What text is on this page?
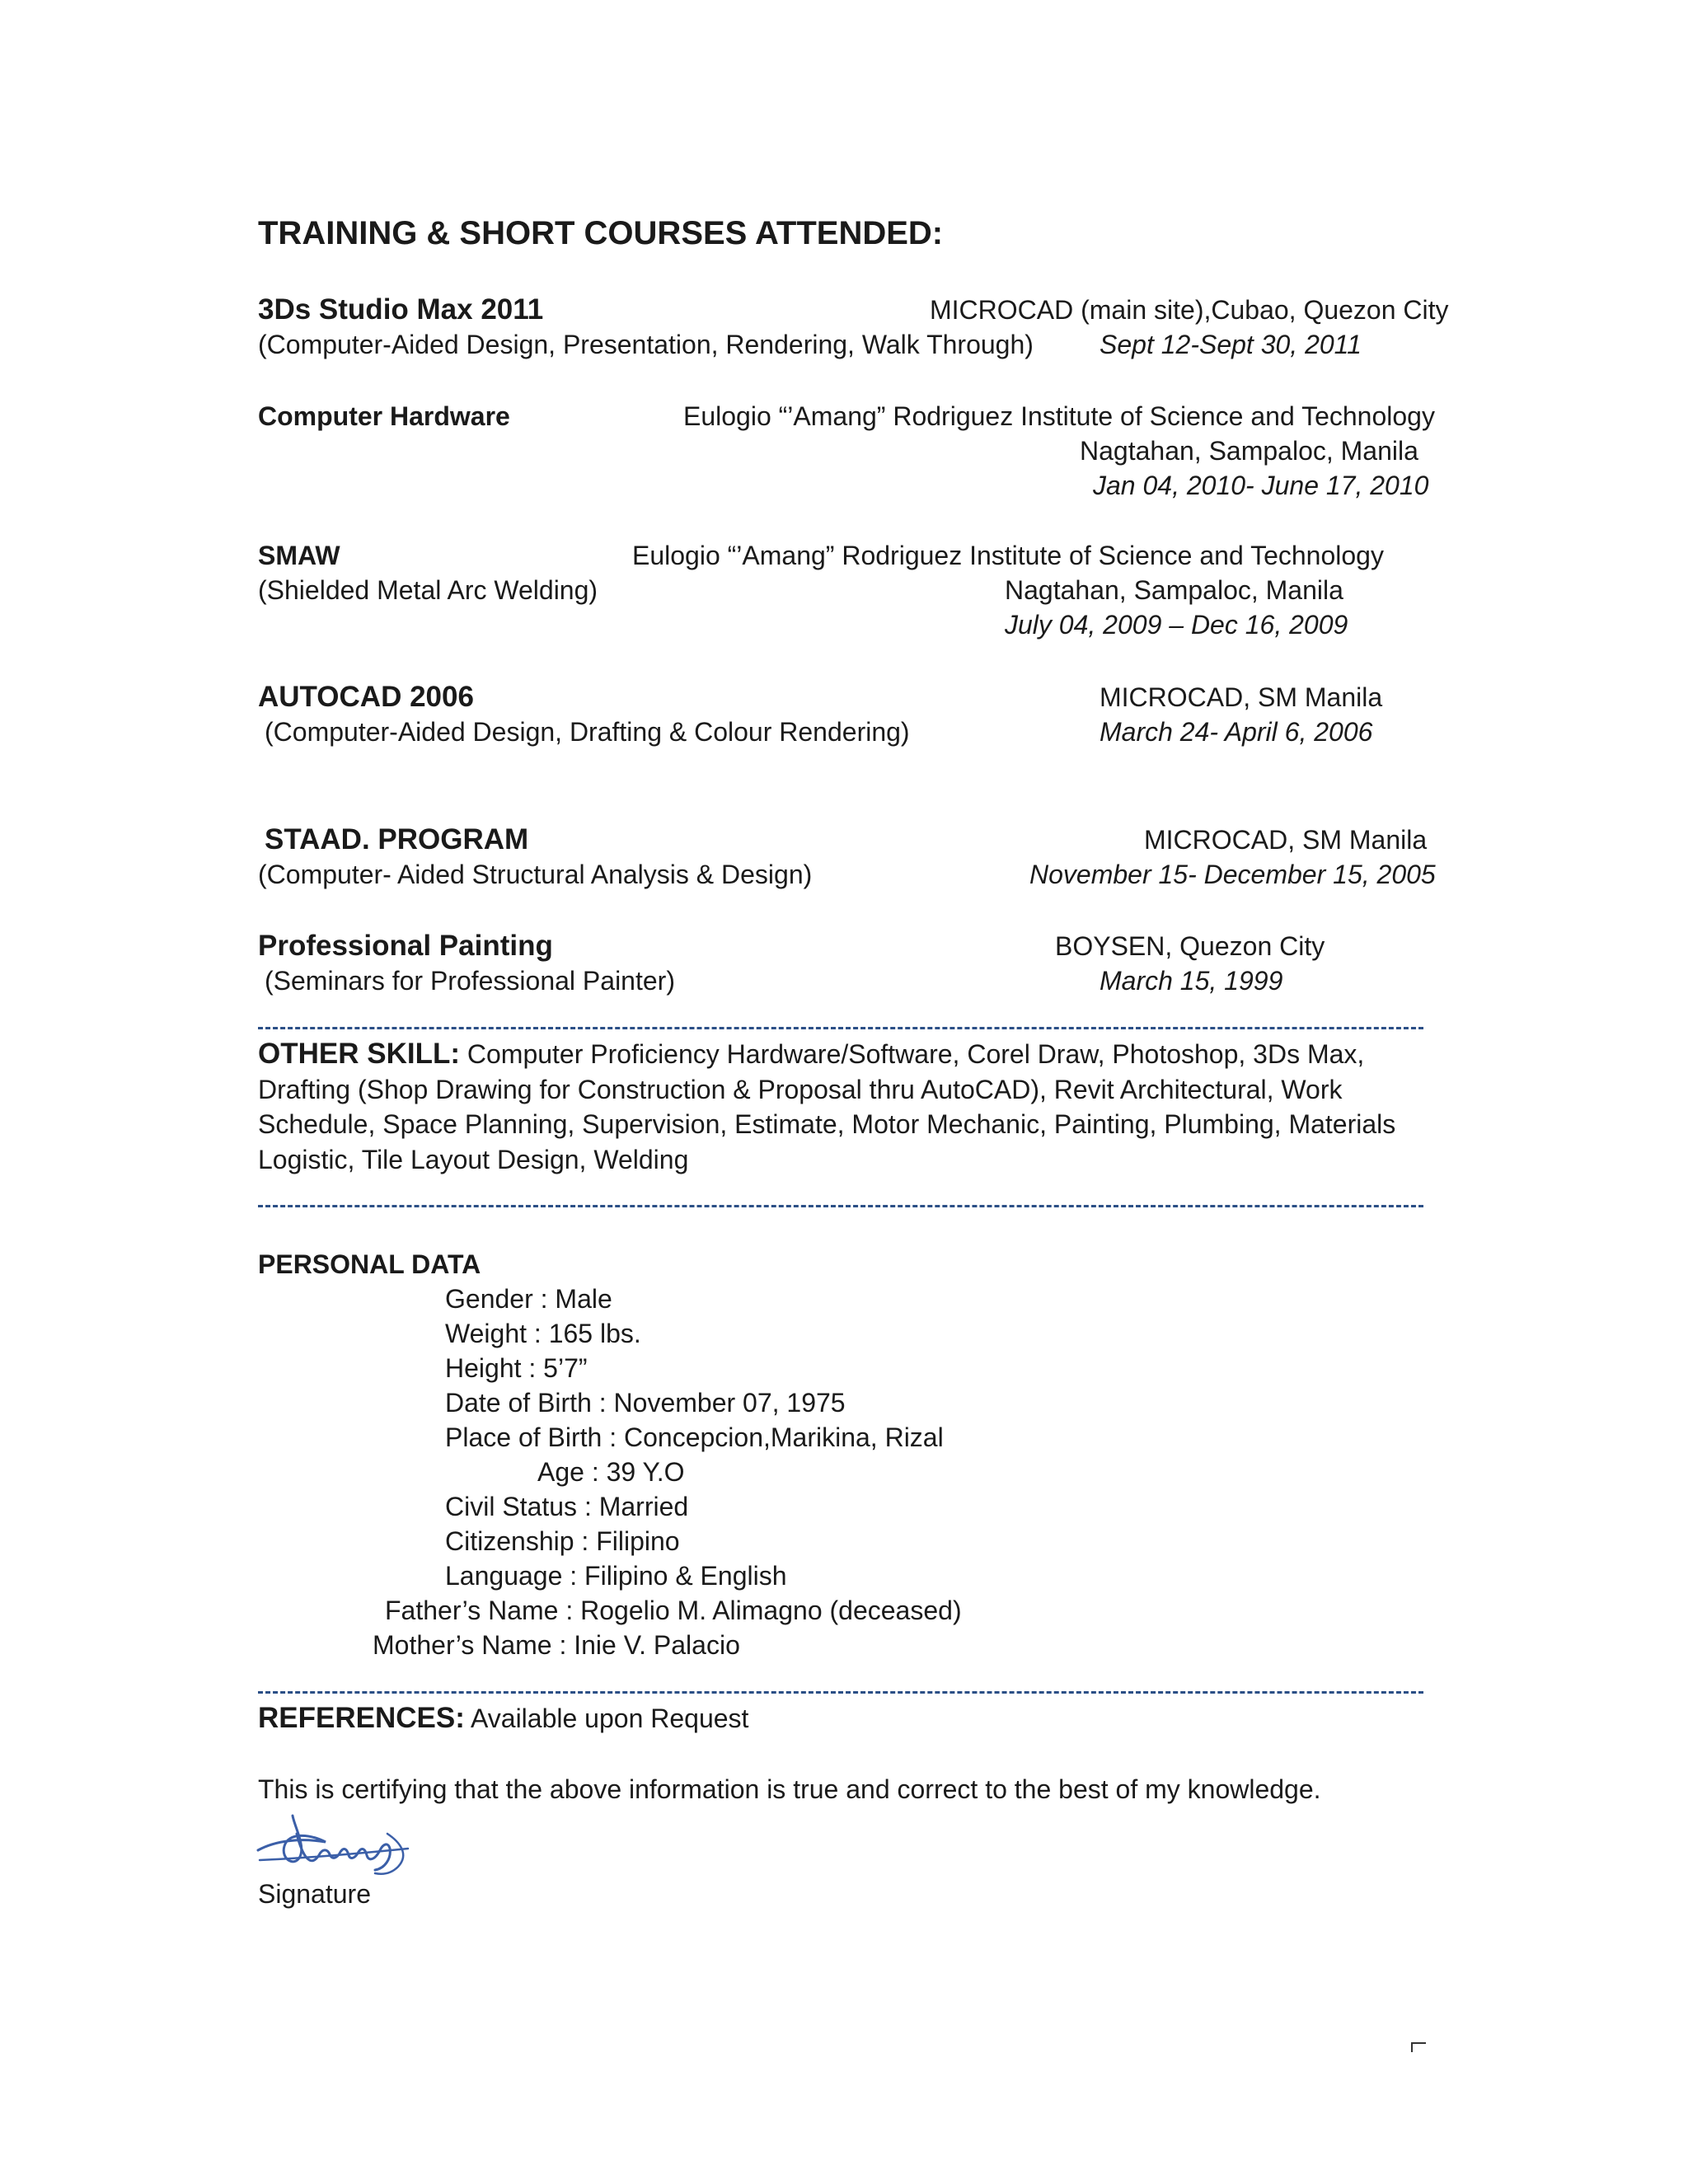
TRAINING & SHORT COURSES ATTENDED:
3Ds Studio Max 2011	MICROCAD (main site),Cubao, Quezon City
(Computer-Aided Design, Presentation, Rendering, Walk Through)	Sept 12-Sept 30, 2011
Computer Hardware	Eulogio “’Amang” Rodriguez Institute of Science and Technology
Nagtahan, Sampaloc, Manila
Jan 04, 2010- June 17, 2010
SMAW	Eulogio “’Amang” Rodriguez Institute of Science and Technology
(Shielded Metal Arc Welding)	Nagtahan, Sampaloc, Manila
July 04, 2009 – Dec 16, 2009
AUTOCAD 2006	MICROCAD, SM Manila
(Computer-Aided Design, Drafting & Colour Rendering)	March 24- April 6, 2006
STAAD. PROGRAM	MICROCAD, SM Manila
(Computer- Aided Structural Analysis & Design)	November 15- December 15, 2005
Professional Painting	BOYSEN, Quezon City
(Seminars for Professional Painter)	March 15, 1999
OTHER SKILL: Computer Proficiency Hardware/Software, Corel Draw, Photoshop, 3Ds Max, Drafting (Shop Drawing for Construction & Proposal thru AutoCAD), Revit Architectural, Work Schedule, Space Planning, Supervision, Estimate, Motor Mechanic, Painting, Plumbing, Materials Logistic, Tile Layout Design, Welding
PERSONAL DATA
Gender : Male
Weight : 165 lbs.
Height : 5’7”
Date of Birth : November 07, 1975
Place of Birth : Concepcion,Marikina, Rizal
Age : 39 Y.O
Civil Status : Married
Citizenship : Filipino
Language : Filipino & English
Father’s Name : Rogelio M. Alimagno (deceased)
Mother’s Name : Inie V. Palacio
REFERENCES: Available upon Request
This is certifying that the above information is true and correct to the best of my knowledge.
Signature
